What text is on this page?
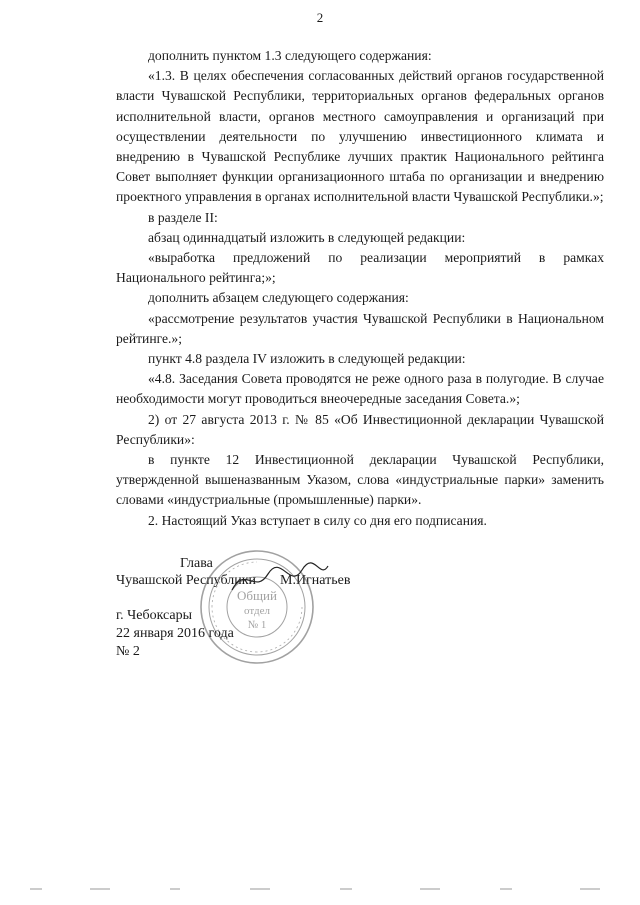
2

дополнить пунктом 1.3 следующего содержания:

«1.3. В целях обеспечения согласованных действий органов государственной власти Чувашской Республики, территориальных органов федеральных органов исполнительной власти, органов местного самоуправления и организаций при осуществлении деятельности по улучшению инвестиционного климата и внедрению в Чувашской Республике лучших практик Национального рейтинга Совет выполняет функции организационного штаба по организации и внедрению проектного управления в органах исполнительной власти Чувашской Республики.»;

в разделе II:

абзац одиннадцатый изложить в следующей редакции:

«выработка предложений по реализации мероприятий в рамках Национального рейтинга;»;

дополнить абзацем следующего содержания:

«рассмотрение результатов участия Чувашской Республики в Национальном рейтинге.»;

пункт 4.8 раздела IV изложить в следующей редакции:

«4.8. Заседания Совета проводятся не реже одного раза в полугодие. В случае необходимости могут проводиться внеочередные заседания Совета.»;

2) от 27 августа 2013 г. № 85 «Об Инвестиционной декларации Чувашской Республики»:

в пункте 12 Инвестиционной декларации Чувашской Республики, утвержденной вышеназванным Указом, слова «индустриальные парки» заменить словами «индустриальные (промышленные) парки».

2. Настоящий Указ вступает в силу со дня его подписания.

Глава
Чувашской Республики М.Игнатьев
Общий
отдел
№ 1
г. Чебоксары
22 января 2016 года
№ 2
